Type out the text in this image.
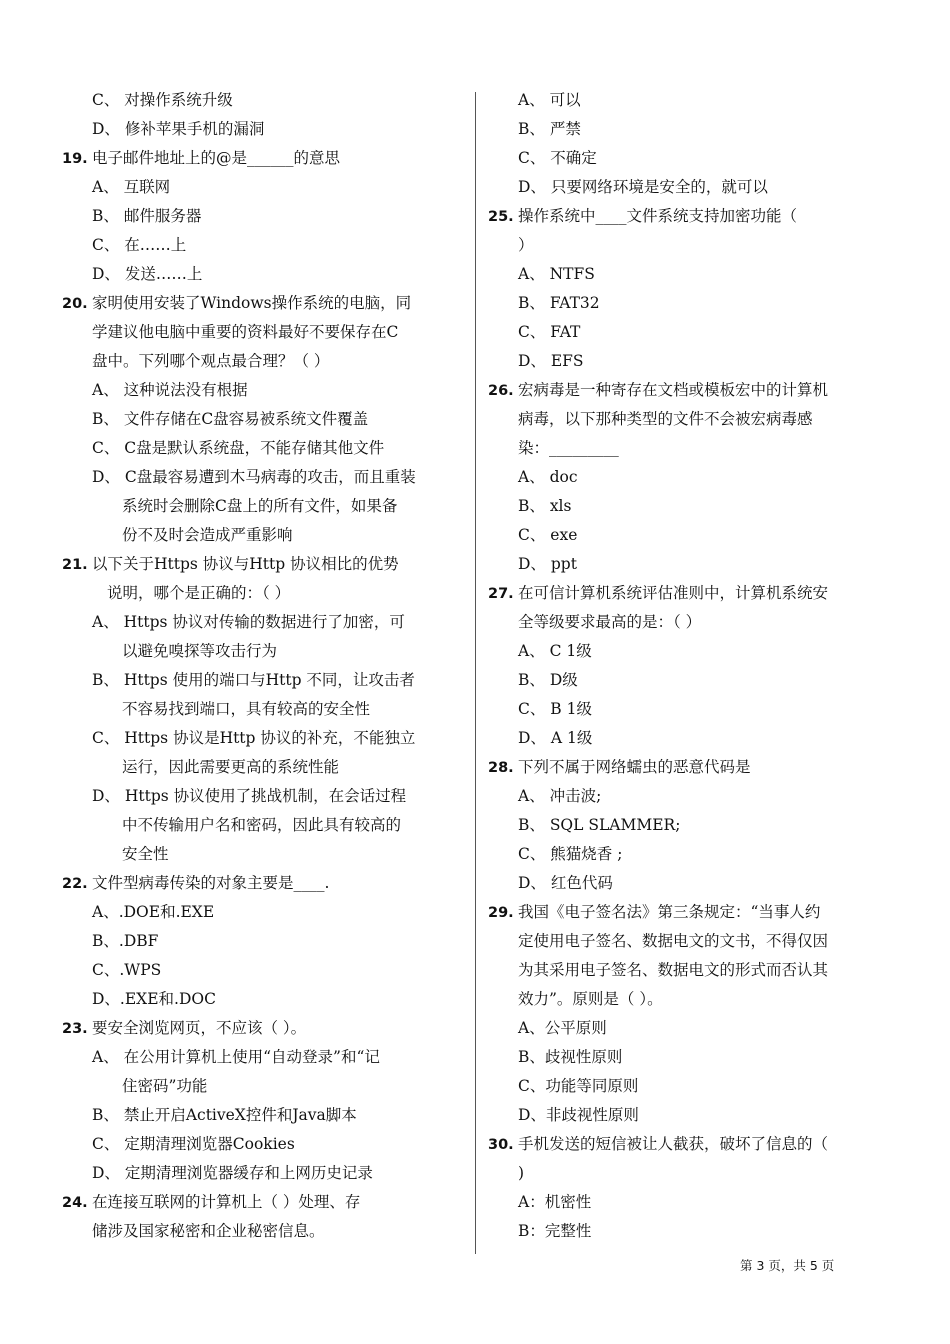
C、 对操作系统升级
D、 修补苹果手机的漏洞
19. 电子邮件地址上的@是______的意思
A、 互联网
B、 邮件服务器
C、 在……上
D、 发送……上
20. 家明使用安装了Windows操作系统的电脑，同
学建议他电脑中重要的资料最好不要保存在C
盘中。下列哪个观点最合理？（ ）
A、 这种说法没有根据
B、 文件存储在C盘容易被系统文件覆盖
C、 C盘是默认系统盘，不能存储其他文件
D、 C盘最容易遭到木马病毒的攻击，而且重装
系统时会删除C盘上的所有文件，如果备
份不及时会造成严重影响
21. 以下关于Https 协议与Http 协议相比的优势
说明，哪个是正确的：（ ）
A、 Https 协议对传输的数据进行了加密，可
以避免嗅探等攻击行为
B、 Https 使用的端口与Http 不同，让攻击者
不容易找到端口，具有较高的安全性
C、 Https 协议是Http 协议的补充，不能独立
运行，因此需要更高的系统性能
D、 Https 协议使用了挑战机制，在会话过程
中不传输用户名和密码，因此具有较高的
安全性
22. 文件型病毒传染的对象主要是____.
A、.DOE和.EXE
B、.DBF
C、.WPS
D、.EXE和.DOC
23. 要安全浏览网页，不应该（ ）。
A、 在公用计算机上使用“自动登录”和“记
住密码”功能
B、 禁止开启ActiveX控件和Java脚本
C、 定期清理浏览器Cookies
D、 定期清理浏览器缓存和上网历史记录
24. 在连接互联网的计算机上（ ）处理、存
储涉及国家秘密和企业秘密信息。
A、 可以
B、 严禁
C、 不确定
D、 只要网络环境是安全的，就可以
25. 操作系统中____文件系统支持加密功能（
）
A、 NTFS
B、 FAT32
C、 FAT
D、 EFS
26. 宏病毒是一种寄存在文档或模板宏中的计算机
病毒，以下那种类型的文件不会被宏病毒感
染：_________
A、 doc
B、 xls
C、 exe
D、 ppt
27. 在可信计算机系统评估准则中，计算机系统安
全等级要求最高的是：（ ）
A、 C 1级
B、 D级
C、 B 1级
D、 A 1级
28. 下列不属于网络蠕虫的恶意代码是
A、 冲击波;
B、 SQL SLAMMER;
C、 熊猫烧香 ;
D、 红色代码
29. 我国《电子签名法》第三条规定：“当事人约
定使用电子签名、数据电文的文书，不得仅因
为其采用电子签名、数据电文的形式而否认其
效力”。原则是（ ）。
A、公平原则
B、歧视性原则
C、功能等同原则
D、非歧视性原则
30. 手机发送的短信被让人截获，破坏了信息的（
)
A：机密性
B：完整性
第 3 页，共 5 页
